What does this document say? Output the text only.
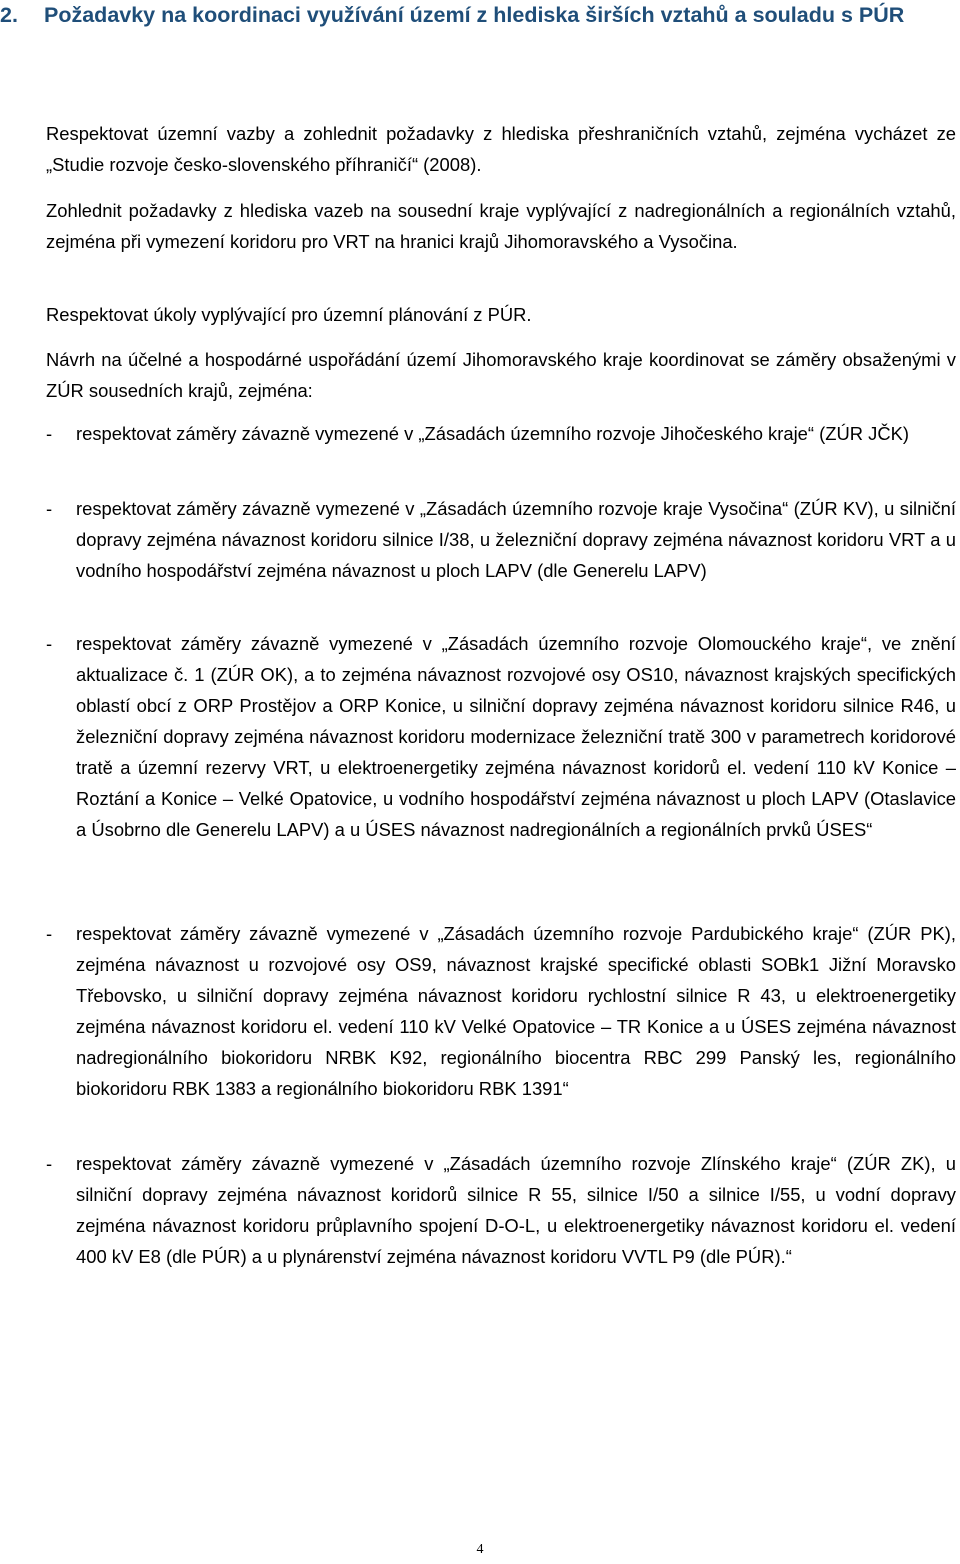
2. Požadavky na koordinaci využívání území z hlediska širších vztahů a souladu s PÚR

Respektovat územní vazby a zohlednit požadavky z hlediska přeshraničních vztahů, zejména vycházet ze „Studie rozvoje česko-slovenského příhraničí“ (2008).

Zohlednit požadavky z hlediska vazeb na sousední kraje vyplývající z nadregionálních a regionálních vztahů, zejména při vymezení koridoru pro VRT na hranici krajů Jihomoravského a Vysočina.

Respektovat úkoly vyplývající pro územní plánování z PÚR.

Návrh na účelné a hospodárné uspořádání území Jihomoravského kraje koordinovat se záměry obsaženými v ZÚR sousedních krajů, zejména:

- respektovat záměry závazně vymezené v „Zásadách územního rozvoje Jihočeského kraje“ (ZÚR JČK)
- respektovat záměry závazně vymezené v „Zásadách územního rozvoje kraje Vysočina“ (ZÚR KV), u silniční dopravy zejména návaznost koridoru silnice I/38, u železniční dopravy zejména návaznost koridoru VRT a u vodního hospodářství zejména návaznost u ploch LAPV (dle Generelu LAPV)
- respektovat záměry závazně vymezené v „Zásadách územního rozvoje Olomouckého kraje“, ve znění aktualizace č. 1 (ZÚR OK), a to zejména návaznost rozvojové osy OS10, návaznost krajských specifických oblastí obcí z ORP Prostějov a ORP Konice, u silniční dopravy zejména návaznost koridoru silnice R46, u železniční dopravy zejména návaznost koridoru modernizace železniční tratě 300 v parametrech koridorové tratě a územní rezervy VRT, u elektroenergetiky zejména návaznost koridorů el. vedení 110 kV Konice – Roztání a Konice – Velké Opatovice, u vodního hospodářství zejména návaznost u ploch LAPV (Otaslavice a Úsobrno dle Generelu LAPV) a u ÚSES návaznost nadregionálních a regionálních prvků ÚSES“
- respektovat záměry závazně vymezené v „Zásadách územního rozvoje Pardubického kraje“ (ZÚR PK), zejména návaznost u rozvojové osy OS9, návaznost krajské specifické oblasti SOBk1 Jižní Moravsko Třebovsko, u silniční dopravy zejména návaznost koridoru rychlostní silnice R 43, u elektroenergetiky zejména návaznost koridoru el. vedení 110 kV Velké Opatovice – TR Konice a u ÚSES zejména návaznost nadregionálního biokoridoru NRBK K92, regionálního biocentra RBC 299 Panský les, regionálního biokoridoru RBK 1383 a regionálního biokoridoru RBK 1391“
- respektovat záměry závazně vymezené v „Zásadách územního rozvoje Zlínského kraje“ (ZÚR ZK), u silniční dopravy zejména návaznost koridorů silnice R 55, silnice I/50 a silnice I/55, u vodní dopravy zejména návaznost koridoru průplavního spojení D-O-L, u elektroenergetiky návaznost koridoru el. vedení 400 kV E8 (dle PÚR) a u plynárenství zejména návaznost koridoru VVTL P9 (dle PÚR).“
4
